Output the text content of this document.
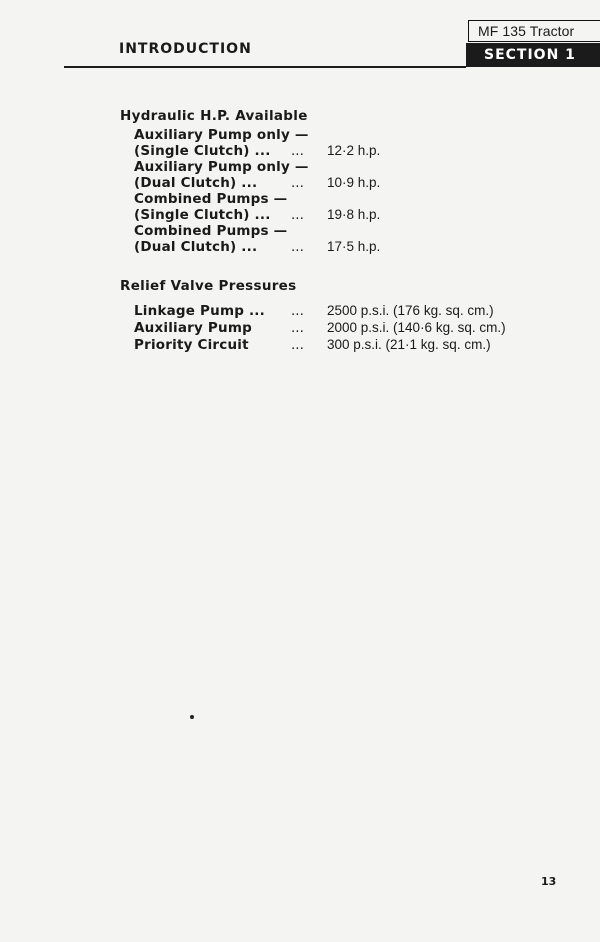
MF 135 Tractor
SECTION 1
INTRODUCTION
Hydraulic H.P. Available
Auxiliary Pump only —
(Single Clutch) ... ... 12·2 h.p.
Auxiliary Pump only —
(Dual Clutch) ... ... 10·9 h.p.
Combined Pumps —
(Single Clutch) ... ... 19·8 h.p.
Combined Pumps —
(Dual Clutch) ... ... 17·5 h.p.
Relief Valve Pressures
Linkage Pump ... ... 2500 p.s.i. (176 kg. sq. cm.)
Auxiliary Pump	... 2000 p.s.i. (140·6 kg. sq. cm.)
Priority Circuit	... 300 p.s.i. (21·1 kg. sq. cm.)
13
